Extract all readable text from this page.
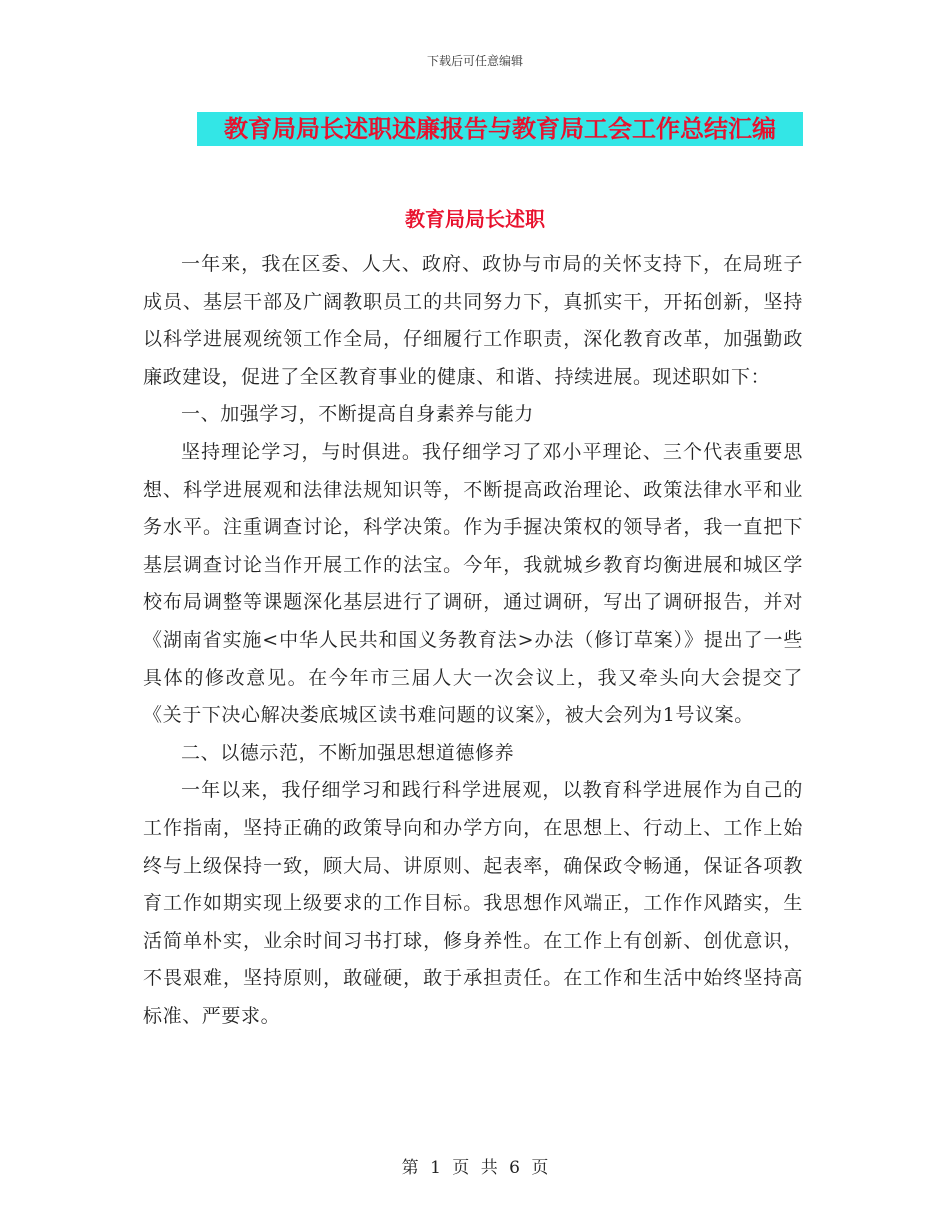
下载后可任意编辑
教育局局长述职述廉报告与教育局工会工作总结汇编
教育局局长述职

一年来，我在区委、人大、政府、政协与市局的关怀支持下，在局班子成员、基层干部及广阔教职员工的共同努力下，真抓实干，开拓创新，坚持以科学进展观统领工作全局，仔细履行工作职责，深化教育改革，加强勤政廉政建设，促进了全区教育事业的健康、和谐、持续进展。现述职如下：

一、加强学习，不断提高自身素养与能力

坚持理论学习，与时俱进。我仔细学习了邓小平理论、三个代表重要思想、科学进展观和法律法规知识等，不断提高政治理论、政策法律水平和业务水平。注重调查讨论，科学决策。作为手握决策权的领导者，我一直把下基层调查讨论当作开展工作的法宝。今年，我就城乡教育均衡进展和城区学校布局调整等课题深化基层进行了调研，通过调研，写出了调研报告，并对《湖南省实施<中华人民共和国义务教育法>办法（修订草案）》提出了一些具体的修改意见。在今年市三届人大一次会议上，我又牵头向大会提交了《关于下决心解决娄底城区读书难问题的议案》，被大会列为1号议案。

二、以德示范，不断加强思想道德修养

一年以来，我仔细学习和践行科学进展观，以教育科学进展作为自己的工作指南，坚持正确的政策导向和办学方向，在思想上、行动上、工作上始终与上级保持一致，顾大局、讲原则、起表率，确保政令畅通，保证各项教育工作如期实现上级要求的工作目标。我思想作风端正，工作作风踏实，生活简单朴实，业余时间习书打球，修身养性。在工作上有创新、创优意识，不畏艰难，坚持原则，敢碰硬，敢于承担责任。在工作和生活中始终坚持高标准、严要求。

第 1 页 共 6 页
